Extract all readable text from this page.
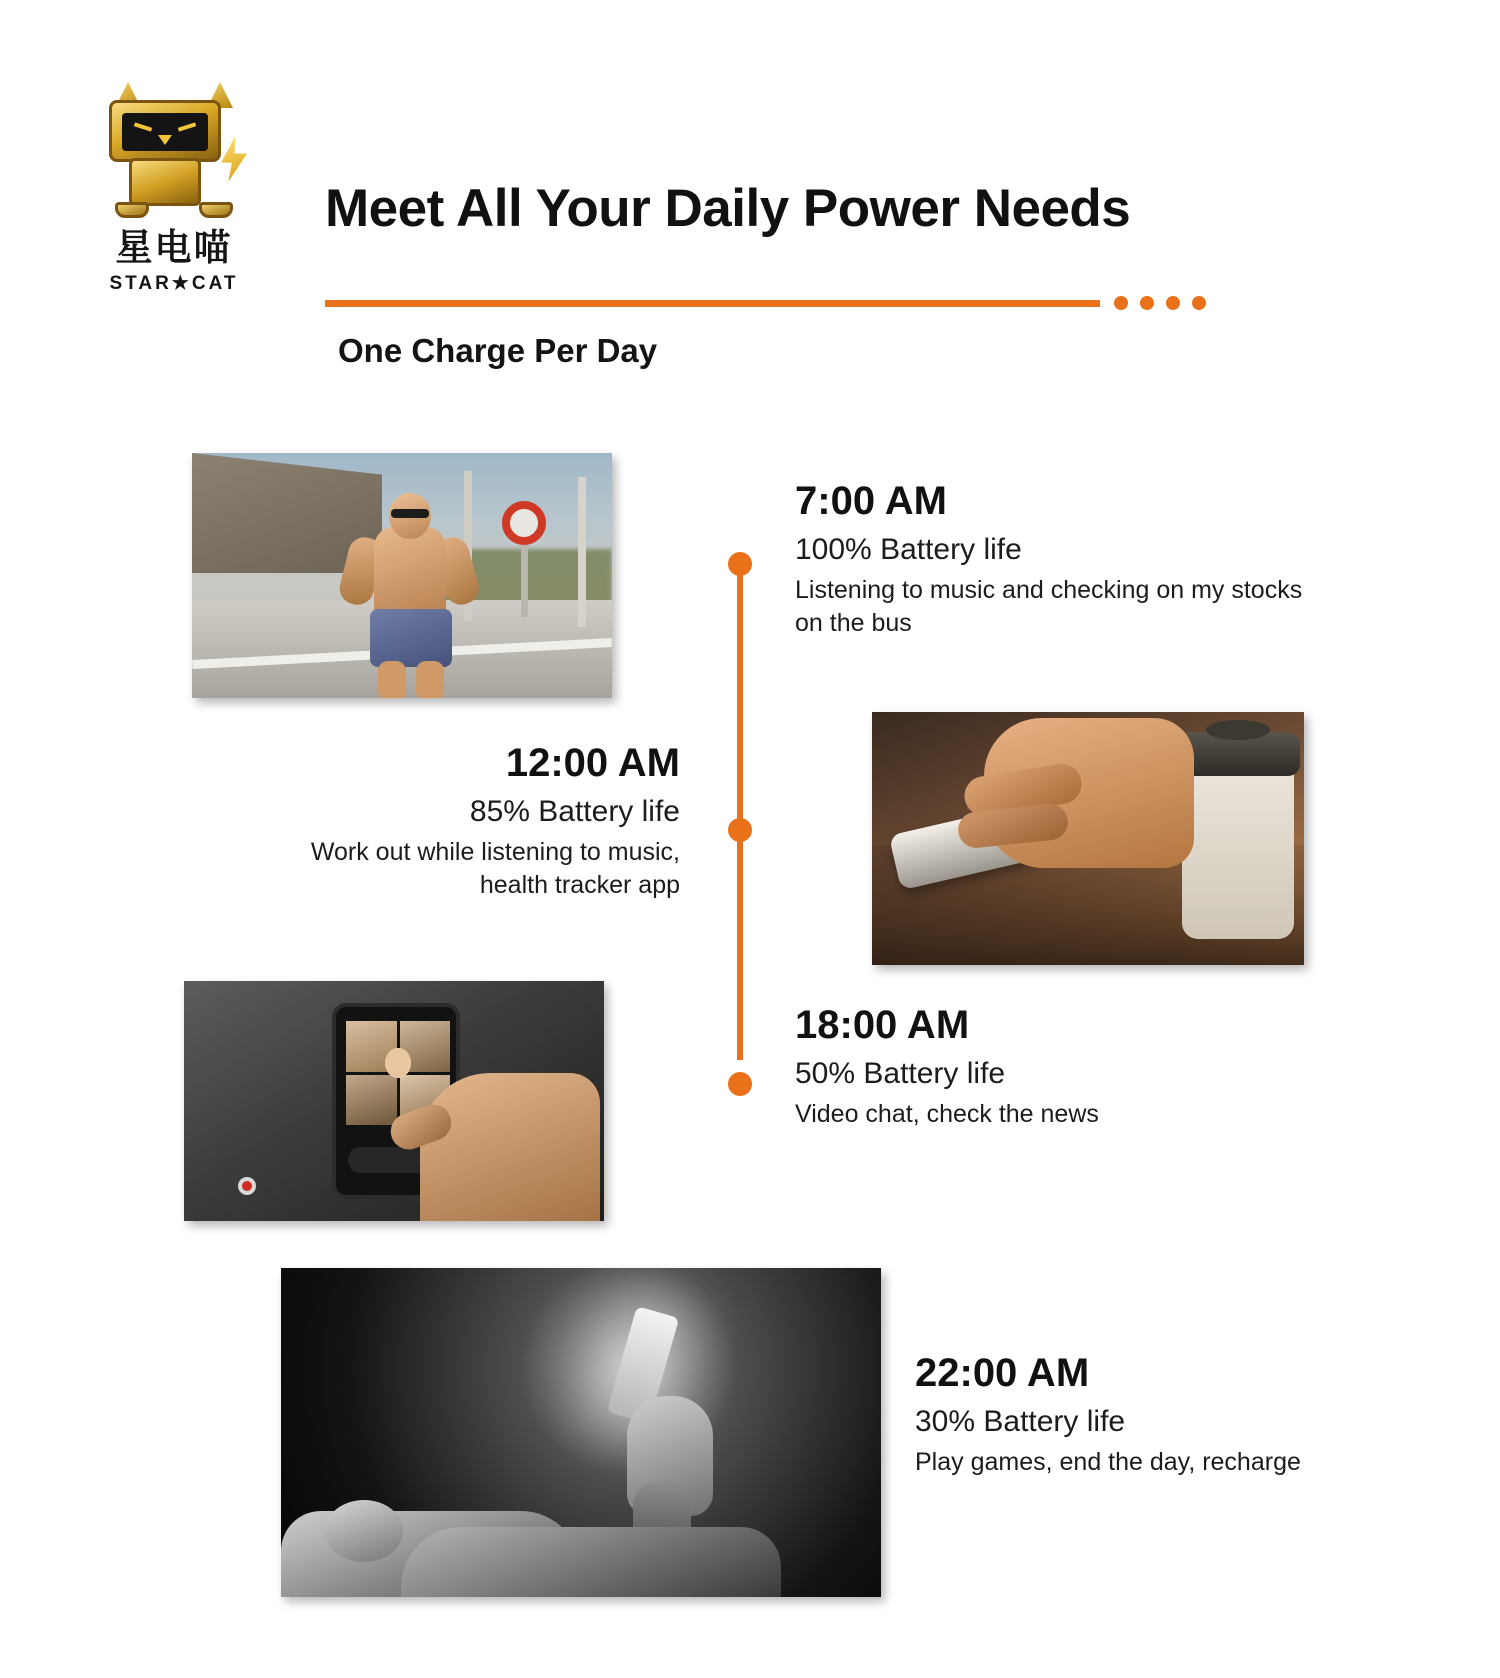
星电喵
STAR★CAT
Meet All Your Daily Power Needs
One Charge Per Day
7:00 AM
100% Battery life
Listening to music and checking on my stocks on the bus
12:00 AM
85% Battery life
Work out while listening to music, health tracker app
18:00 AM
50% Battery life
Video chat, check the news
22:00 AM
30% Battery life
Play games, end the day, recharge
